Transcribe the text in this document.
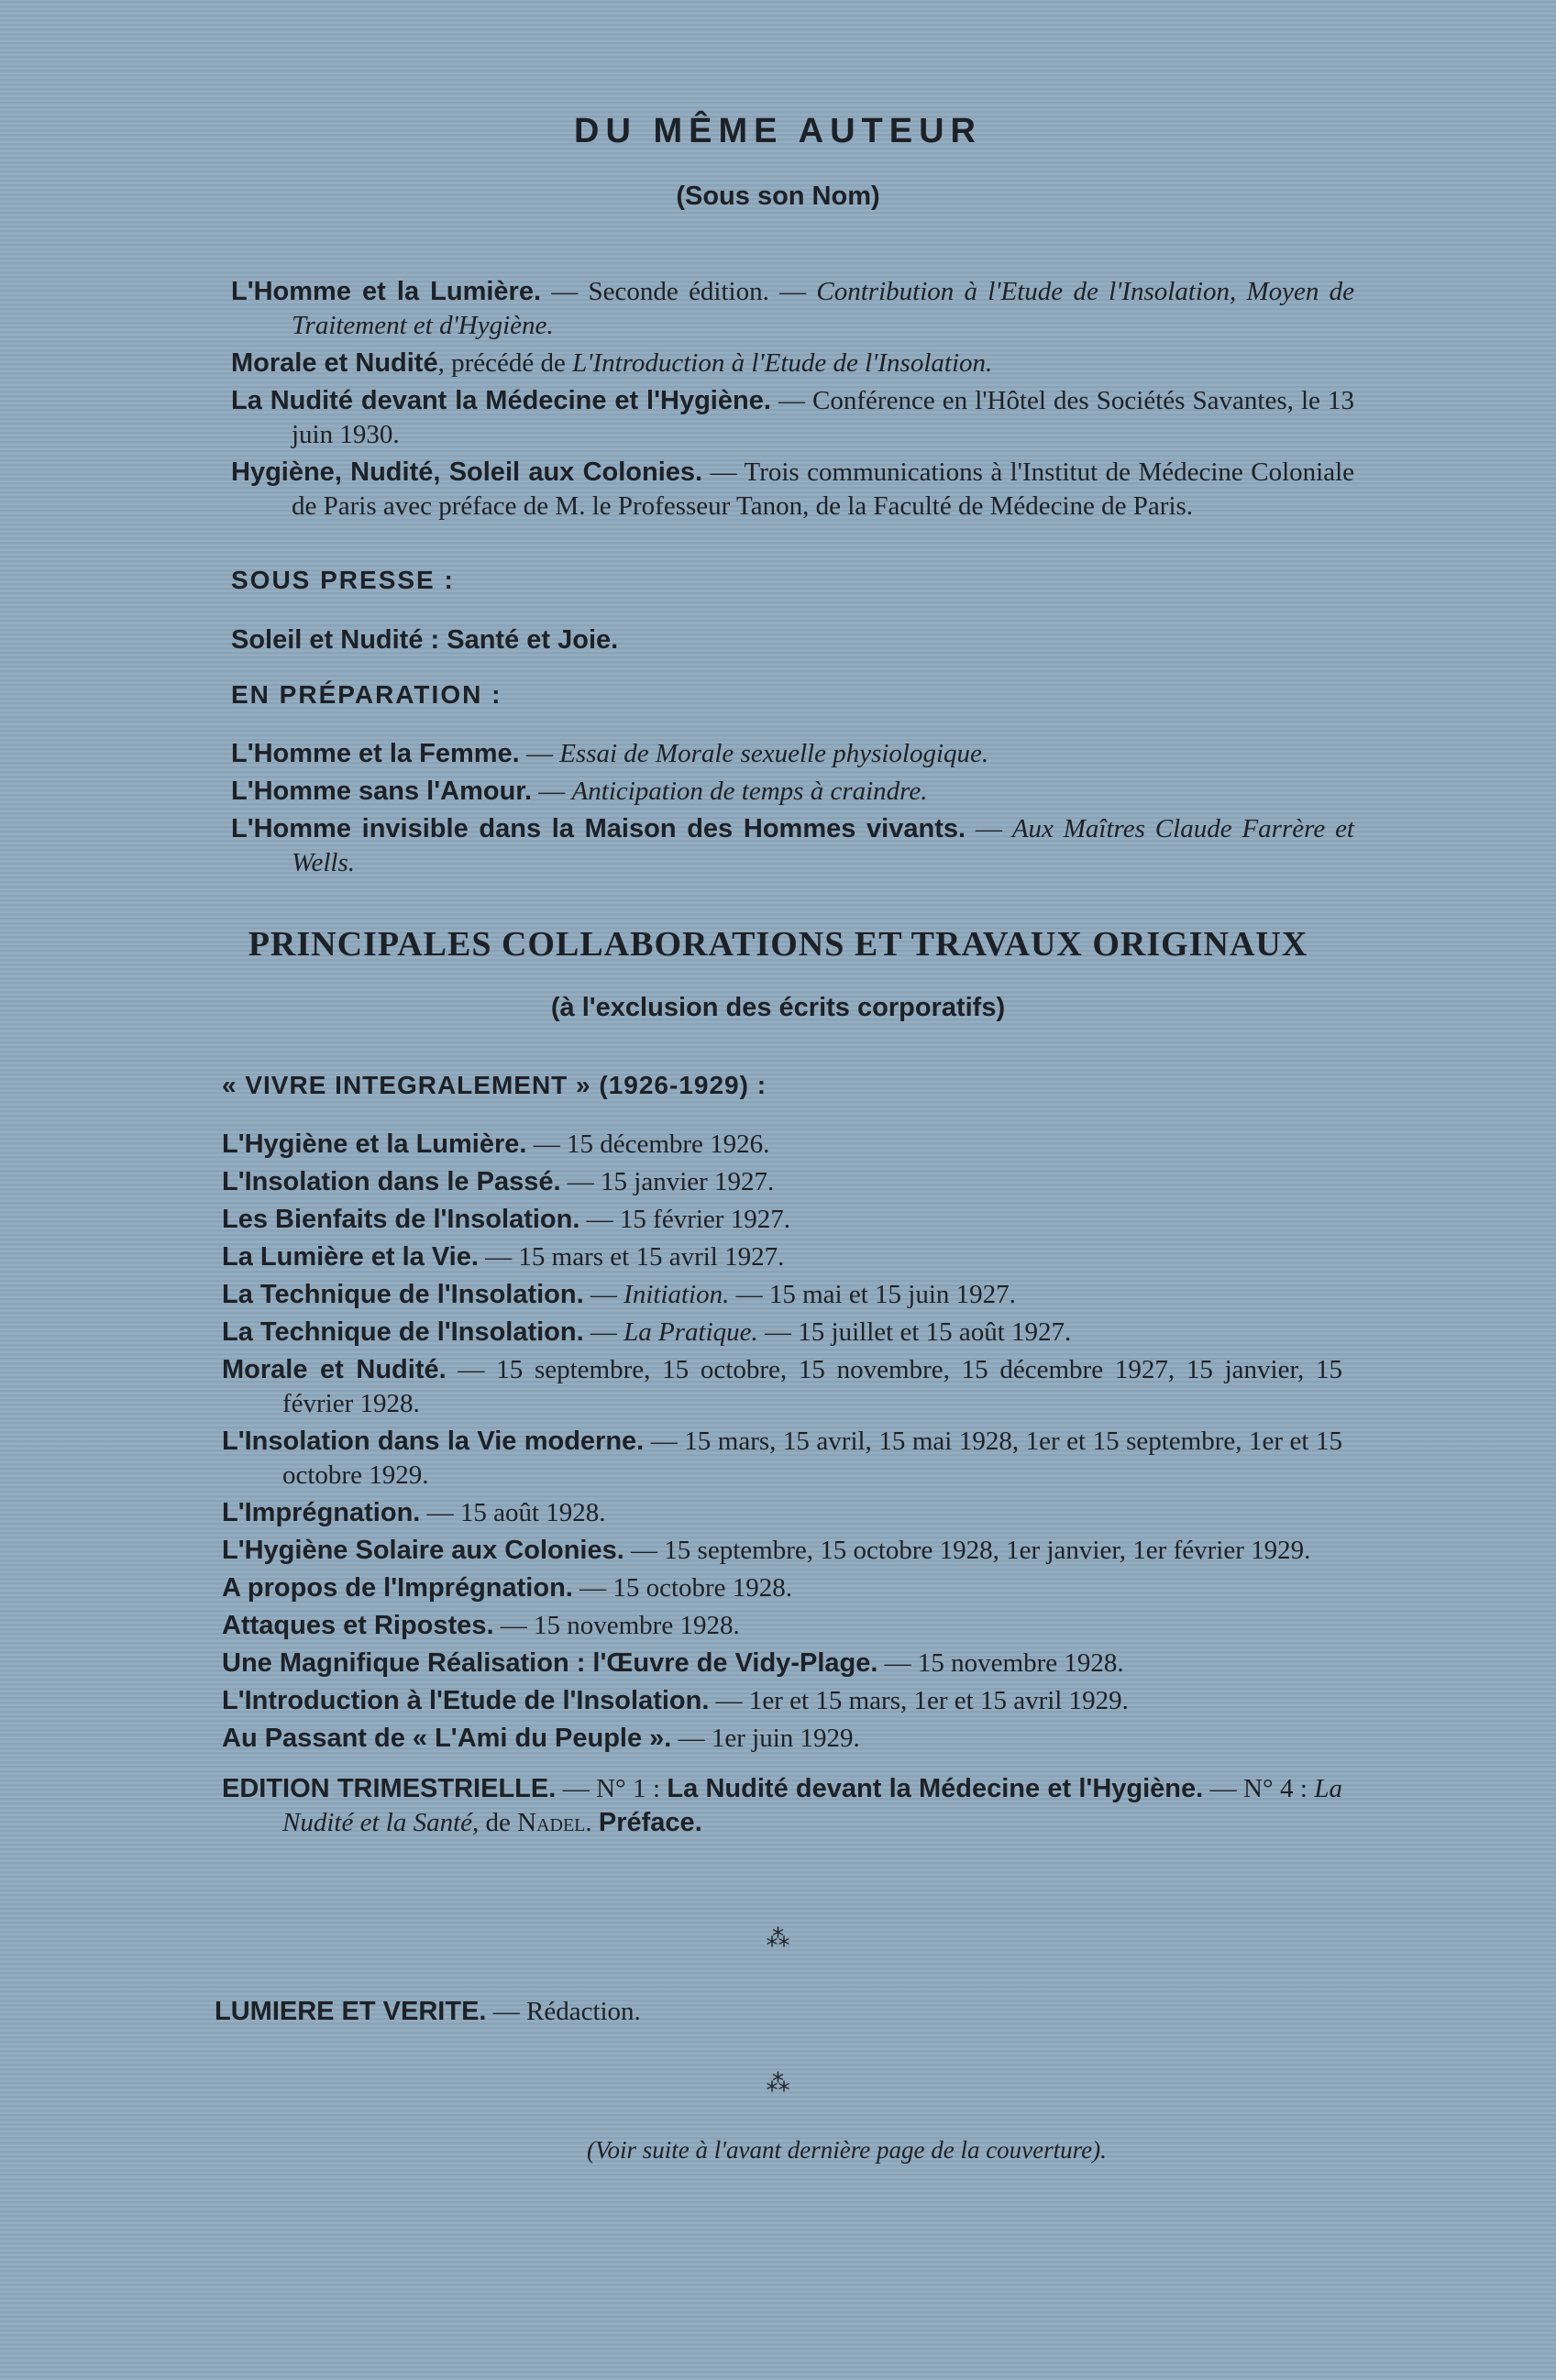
DU MÊME AUTEUR
(Sous son Nom)

L'Homme et la Lumière. — Seconde édition. — Contribution à l'Etude de l'Insolation, Moyen de Traitement et d'Hygiène.

Morale et Nudité, précédé de L'Introduction à l'Etude de l'Insolation.

La Nudité devant la Médecine et l'Hygiène. — Conférence en l'Hôtel des Sociétés Savantes, le 13 juin 1930.

Hygiène, Nudité, Soleil aux Colonies. — Trois communications à l'Institut de Médecine Coloniale de Paris avec préface de M. le Professeur Tanon, de la Faculté de Médecine de Paris.

SOUS PRESSE :

Soleil et Nudité : Santé et Joie.

EN PRÉPARATION :

L'Homme et la Femme. — Essai de Morale sexuelle physiologique.

L'Homme sans l'Amour. — Anticipation de temps à craindre.

L'Homme invisible dans la Maison des Hommes vivants. — Aux Maîtres Claude Farrère et Wells.

PRINCIPALES COLLABORATIONS ET TRAVAUX ORIGINAUX
(à l'exclusion des écrits corporatifs)
« VIVRE INTEGRALEMENT » (1926-1929) :

L'Hygiène et la Lumière. — 15 décembre 1926.

L'Insolation dans le Passé. — 15 janvier 1927.

Les Bienfaits de l'Insolation. — 15 février 1927.

La Lumière et la Vie. — 15 mars et 15 avril 1927.

La Technique de l'Insolation. — Initiation. — 15 mai et 15 juin 1927.

La Technique de l'Insolation. — La Pratique. — 15 juillet et 15 août 1927.

Morale et Nudité. — 15 septembre, 15 octobre, 15 novembre, 15 décembre 1927, 15 janvier, 15 février 1928.

L'Insolation dans la Vie moderne. — 15 mars, 15 avril, 15 mai 1928, 1er et 15 septembre, 1er et 15 octobre 1929.

L'Imprégnation. — 15 août 1928.

L'Hygiène Solaire aux Colonies. — 15 septembre, 15 octobre 1928, 1er janvier, 1er février 1929.

A propos de l'Imprégnation. — 15 octobre 1928.

Attaques et Ripostes. — 15 novembre 1928.

Une Magnifique Réalisation : l'Œuvre de Vidy-Plage. — 15 novembre 1928.

L'Introduction à l'Etude de l'Insolation. — 1er et 15 mars, 1er et 15 avril 1929.

Au Passant de « L'Ami du Peuple ». — 1er juin 1929.

EDITION TRIMESTRIELLE. — N° 1 : La Nudité devant la Médecine et l'Hygiène. — N° 4 : La Nudité et la Santé, de Nadel. Préface.

⁂

LUMIERE ET VERITE. — Rédaction.

⁂
(Voir suite à l'avant dernière page de la couverture).
